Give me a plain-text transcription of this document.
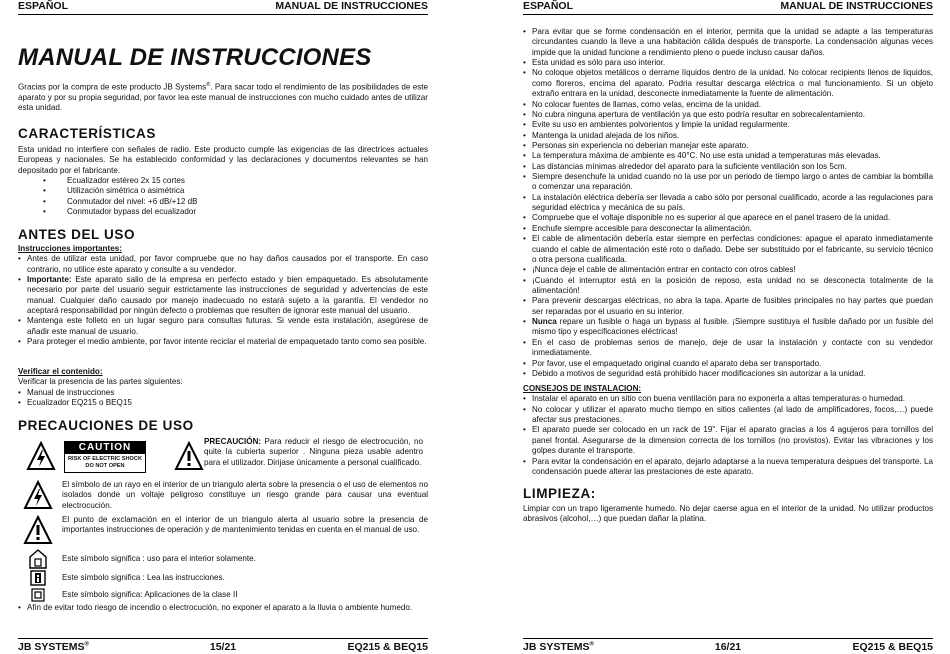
ESPAÑOL	MANUAL DE INSTRUCCIONES
MANUAL DE INSTRUCCIONES

Gracias por la compra de este producto JB Systems®. Para sacar todo el rendimiento de las posibilidades de este aparato y por su propia seguridad, por favor lea este manual de instrucciones con mucho cuidado antes de utilizar esta unidad.

CARACTERÍSTICAS

Esta unidad no interfiere con señales de radio. Este producto cumple las exigencias de las directrices actuales Europeas y nacionales. Se ha establecido conformidad y las declaraciones y documentos relevantes se han depositado por el fabricante.

• Ecualizador estéreo 2x 15 cortes
• Utilización simétrica o asimétrica
• Conmutador del nivel: +6 dB/+12 dB
• Conmutador bypass del ecualizador
ANTES DEL USO
Instrucciones importantes:
• Antes de utilizar esta unidad, por favor compruebe que no hay daños causados por el transporte. En caso contrario, no utilice este aparato y consulte a su vendedor.
• Importante: Este aparato salio de la empresa en perfecto estado y bien empaquetado. Es absolutamente necesario por parte del usuario seguir estrictamente las instrucciones de seguridad y advertencias de este manual. Cualquier daño causado por manejo inadecuado no estará sujeto a la garantía. El vendedor no aceptará responsabilidad por ningún defecto o problemas que resulten de ignorar este manual del usuario.
• Mantenga este folleto en un lugar seguro para consultas futuras. Si vende esta instalación, asegúrese de añadir este manual de usuario.
• Para proteger el medio ambiente, por favor intente reciclar el material de empaquetado tanto como sea posible.
Verificar el contenido:
Verificar la presencia de las partes siguientes:
• Manual de instrucciones
• Ecualizador EQ215 o BEQ15
PRECAUCIONES DE USO
CAUTION
RISK OF ELECTRIC SHOCK
DO NOT OPEN

PRECAUCIÓN: Para reducir el riesgo de electrocución, no quite la cubierta superior . Ninguna pieza usable adentro para el utilizador. Dirijase únicamente a personal cualificado.

El símbolo de un rayo en el interior de un triangulo alerta sobre la presencia o el uso de elementos no isolados donde un voltaje peligroso constituye un riesgo grande para causar una eventual electrocución.
El punto de exclamación en el interior de un triangulo alerta al usuario sobre la presencia de importantes instrucciones de operación y de mantenimiento tenidas en cuenta en el manual de uso.
Este símbolo significa : uso para el interior solamente.
Este símbolo significa : Lea las instrucciones.
Este símbolo significa: Aplicaciones de la clase II
• Afin de evitar todo riesgo de incendio o electrocución, no exponer el aparato a la lluvia o ambiente humedo.
JB SYSTEMS®	15/21	EQ215 & BEQ15
ESPAÑOL	MANUAL DE INSTRUCCIONES
• Para evitar que se forme condensación en el interior, permita que la unidad se adapte a las temperaturas circundantes cuando la lleve a una habitación cálida después de transporte. La condensación algunas veces impide que la unidad funcione a rendimiento pleno o puede incluso causar daños.
• Esta unidad es sólo para uso interior.
• No coloque objetos metálicos o derrame líquidos dentro de la unidad. No colocar recipients llenos de liquidos, como floreros, encima del aparato. Podria resultar descarga eléctrica o mal funcionamiento. Si un objeto extraño entrara en la unidad, desconecte inmediatamente la fuente de alimentación.
• No colocar fuentes de llamas, como velas, encima de la unidad.
• No cubra ninguna apertura de ventilación ya que esto podría resultar en sobrecalentamiento.
• Evite su uso en ambientes polvorientos y limpie la unidad regularmente.
• Mantenga la unidad alejada de los niños.
• Personas sin experiencia no deberian manejar este aparato.
• La temperatura máxima de ambiente es 40°C. No use esta unidad a temperaturas más elevadas.
• Las distancias mínimas alrededor del aparato para la suficiente ventilación son los 5cm.
• Siempre desenchufe la unidad cuando no la use por un periodo de tiempo largo o antes de cambiar la bombilla o comenzar una reparación.
• La instalación eléctrica debería ser llevada a cabo sólo por personal cualificado, acorde a las regulaciones para seguridad eléctrica y mecánica de su país.
• Compruebe que el voltaje disponible no es superior al que aparece en el panel trasero de la unidad.
• Enchufe siempre accesible para desconectar la alimentación.
• El cable de alimentación debería estar siempre en perfectas condiciones: apague el aparato inmediatamente cuando el cable de alimentación esté roto o dañado. Debe ser substituido por el fabricante, su servicio técnico o otra persona cualificada.
• ¡Nunca deje el cable de alimentación entrar en contacto con otros cables!
• ¡Cuando el interruptor está en la posición de reposo, esta unidad no se desconecta totalmente de la alimentación!
• Para prevenir descargas eléctricas, no abra la tapa. Aparte de fusibles principales no hay partes que puedan ser reparadas por el usuario en su interior.
• Nunca repare un fusible o haga un bypass al fusible. ¡Siempre sustituya el fusible dañado por un fusible del mismo tipo y especificaciones eléctricas!
• En el caso de problemas serios de manejo, deje de usar la instalación y contacte con su vendedor inmediatamente.
• Por favor, use el empaquetado original cuando el aparato deba ser transportado.
• Debido a motivos de seguridad está prohibido hacer modificaciones sin autorizar a la unidad.
CONSEJOS DE INSTALACION:
• Instalar el aparato en un sitio con buena ventilación para no exponerla a altas temperaturas o humedad.
• No colocar y utilizar el aparato mucho tiempo en sitios calientes (al lado de amplificadores, focos,…) puede afectar sus prestaciones.
• El aparato puede ser colocado en un rack de 19". Fijar el aparato gracias a los 4 agujeros para tornillos del panel frontal. Asegurarse de la dimension correcta de los tornillos (no provistos). Evitar las vibraciones y los golpes durante el transporte.
• Para evitar la condensación en el aparato, dejarlo adaptarse a la nueva temperatura despues del transporte. La condensación puede alterar las prestaciones de este aparato.
LIMPIEZA:

Limpiar con un trapo ligeramente humedo. No dejar caerse agua en el interior de la unidad. No utilizar productos abrasivos (alcohol,…) que puedan dañar la platina.

JB SYSTEMS®	16/21	EQ215 & BEQ15
